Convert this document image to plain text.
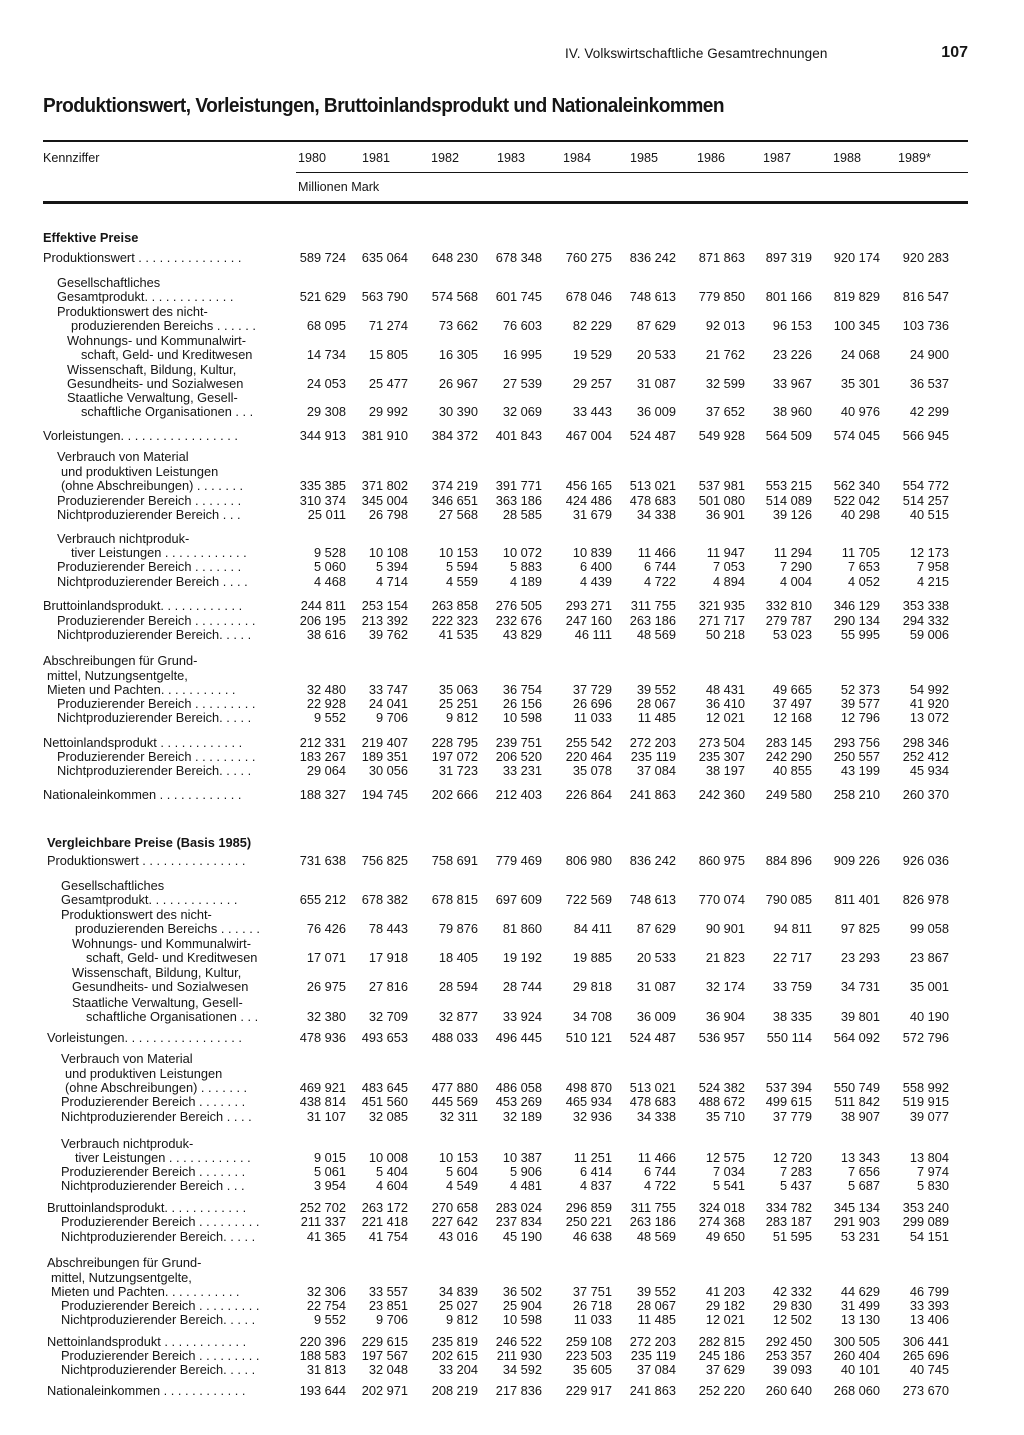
IV. Volkswirtschaftliche Gesamtrechnungen	107
Produktionswert, Vorleistungen, Bruttoinlandsprodukt und Nationaleinkommen
Kennziffer	1980	1981	1982	1983	1984	1985	1986	1987	1988	1989*
Millionen Mark
Effektive Preise
Produktionswert . . . . . . . . . . . . . . .	589 724	635 064	648 230	678 348	760 275	836 242	871 863	897 319	920 174	920 283
Gesellschaftliches
Gesamtprodukt. . . . . . . . . . . . .	521 629	563 790	574 568	601 745	678 046	748 613	779 850	801 166	819 829	816 547
Produktionswert des nicht-
produzierenden Bereichs . . . . . .	68 095	71 274	73 662	76 603	82 229	87 629	92 013	96 153	100 345	103 736
Wohnungs- und Kommunalwirt-
schaft, Geld- und Kreditwesen	14 734	15 805	16 305	16 995	19 529	20 533	21 762	23 226	24 068	24 900
Wissenschaft, Bildung, Kultur,
Gesundheits- und Sozialwesen	24 053	25 477	26 967	27 539	29 257	31 087	32 599	33 967	35 301	36 537
Staatliche Verwaltung, Gesell-
schaftliche Organisationen . . .	29 308	29 992	30 390	32 069	33 443	36 009	37 652	38 960	40 976	42 299
Vorleistungen. . . . . . . . . . . . . . . . .	344 913	381 910	384 372	401 843	467 004	524 487	549 928	564 509	574 045	566 945
Verbrauch von Material
und produktiven Leistungen
(ohne Abschreibungen) . . . . . . .	335 385	371 802	374 219	391 771	456 165	513 021	537 981	553 215	562 340	554 772
Produzierender Bereich . . . . . . .	310 374	345 004	346 651	363 186	424 486	478 683	501 080	514 089	522 042	514 257
Nichtproduzierender Bereich . . .	25 011	26 798	27 568	28 585	31 679	34 338	36 901	39 126	40 298	40 515
Verbrauch nichtproduk-
tiver Leistungen . . . . . . . . . . . .	9 528	10 108	10 153	10 072	10 839	11 466	11 947	11 294	11 705	12 173
Produzierender Bereich . . . . . . .	5 060	5 394	5 594	5 883	6 400	6 744	7 053	7 290	7 653	7 958
Nichtproduzierender Bereich . . . .	4 468	4 714	4 559	4 189	4 439	4 722	4 894	4 004	4 052	4 215
Bruttoinlandsprodukt. . . . . . . . . . . .	244 811	253 154	263 858	276 505	293 271	311 755	321 935	332 810	346 129	353 338
Produzierender Bereich . . . . . . . . .	206 195	213 392	222 323	232 676	247 160	263 186	271 717	279 787	290 134	294 332
Nichtproduzierender Bereich. . . . .	38 616	39 762	41 535	43 829	46 111	48 569	50 218	53 023	55 995	59 006
Abschreibungen für Grund-
mittel, Nutzungsentgelte,
Mieten und Pachten. . . . . . . . . . .	32 480	33 747	35 063	36 754	37 729	39 552	48 431	49 665	52 373	54 992
Produzierender Bereich . . . . . . . . .	22 928	24 041	25 251	26 156	26 696	28 067	36 410	37 497	39 577	41 920
Nichtproduzierender Bereich. . . . .	9 552	9 706	9 812	10 598	11 033	11 485	12 021	12 168	12 796	13 072
Nettoinlandsprodukt . . . . . . . . . . . .	212 331	219 407	228 795	239 751	255 542	272 203	273 504	283 145	293 756	298 346
Produzierender Bereich . . . . . . . . .	183 267	189 351	197 072	206 520	220 464	235 119	235 307	242 290	250 557	252 412
Nichtproduzierender Bereich. . . . .	29 064	30 056	31 723	33 231	35 078	37 084	38 197	40 855	43 199	45 934
Nationaleinkommen . . . . . . . . . . . .	188 327	194 745	202 666	212 403	226 864	241 863	242 360	249 580	258 210	260 370
Vergleichbare Preise (Basis 1985)
Produktionswert . . . . . . . . . . . . . . .	731 638	756 825	758 691	779 469	806 980	836 242	860 975	884 896	909 226	926 036
Gesellschaftliches
Gesamtprodukt. . . . . . . . . . . . .	655 212	678 382	678 815	697 609	722 569	748 613	770 074	790 085	811 401	826 978
Produktionswert des nicht-
produzierenden Bereichs . . . . . .	76 426	78 443	79 876	81 860	84 411	87 629	90 901	94 811	97 825	99 058
Wohnungs- und Kommunalwirt-
schaft, Geld- und Kreditwesen	17 071	17 918	18 405	19 192	19 885	20 533	21 823	22 717	23 293	23 867
Wissenschaft, Bildung, Kultur,
Gesundheits- und Sozialwesen	26 975	27 816	28 594	28 744	29 818	31 087	32 174	33 759	34 731	35 001
Staatliche Verwaltung, Gesell-
schaftliche Organisationen . . .	32 380	32 709	32 877	33 924	34 708	36 009	36 904	38 335	39 801	40 190
Vorleistungen. . . . . . . . . . . . . . . . .	478 936	493 653	488 033	496 445	510 121	524 487	536 957	550 114	564 092	572 796
Verbrauch von Material
und produktiven Leistungen
(ohne Abschreibungen) . . . . . . .	469 921	483 645	477 880	486 058	498 870	513 021	524 382	537 394	550 749	558 992
Produzierender Bereich . . . . . . .	438 814	451 560	445 569	453 269	465 934	478 683	488 672	499 615	511 842	519 915
Nichtproduzierender Bereich . . . .	31 107	32 085	32 311	32 189	32 936	34 338	35 710	37 779	38 907	39 077
Verbrauch nichtproduk-
tiver Leistungen . . . . . . . . . . . .	9 015	10 008	10 153	10 387	11 251	11 466	12 575	12 720	13 343	13 804
Produzierender Bereich . . . . . . .	5 061	5 404	5 604	5 906	6 414	6 744	7 034	7 283	7 656	7 974
Nichtproduzierender Bereich . . .	3 954	4 604	4 549	4 481	4 837	4 722	5 541	5 437	5 687	5 830
Bruttoinlandsprodukt. . . . . . . . . . . .	252 702	263 172	270 658	283 024	296 859	311 755	324 018	334 782	345 134	353 240
Produzierender Bereich . . . . . . . . .	211 337	221 418	227 642	237 834	250 221	263 186	274 368	283 187	291 903	299 089
Nichtproduzierender Bereich. . . . .	41 365	41 754	43 016	45 190	46 638	48 569	49 650	51 595	53 231	54 151
Abschreibungen für Grund-
mittel, Nutzungsentgelte,
Mieten und Pachten. . . . . . . . . . .	32 306	33 557	34 839	36 502	37 751	39 552	41 203	42 332	44 629	46 799
Produzierender Bereich . . . . . . . . .	22 754	23 851	25 027	25 904	26 718	28 067	29 182	29 830	31 499	33 393
Nichtproduzierender Bereich. . . . .	9 552	9 706	9 812	10 598	11 033	11 485	12 021	12 502	13 130	13 406
Nettoinlandsprodukt . . . . . . . . . . . .	220 396	229 615	235 819	246 522	259 108	272 203	282 815	292 450	300 505	306 441
Produzierender Bereich . . . . . . . . .	188 583	197 567	202 615	211 930	223 503	235 119	245 186	253 357	260 404	265 696
Nichtproduzierender Bereich. . . . .	31 813	32 048	33 204	34 592	35 605	37 084	37 629	39 093	40 101	40 745
Nationaleinkommen . . . . . . . . . . . .	193 644	202 971	208 219	217 836	229 917	241 863	252 220	260 640	268 060	273 670
